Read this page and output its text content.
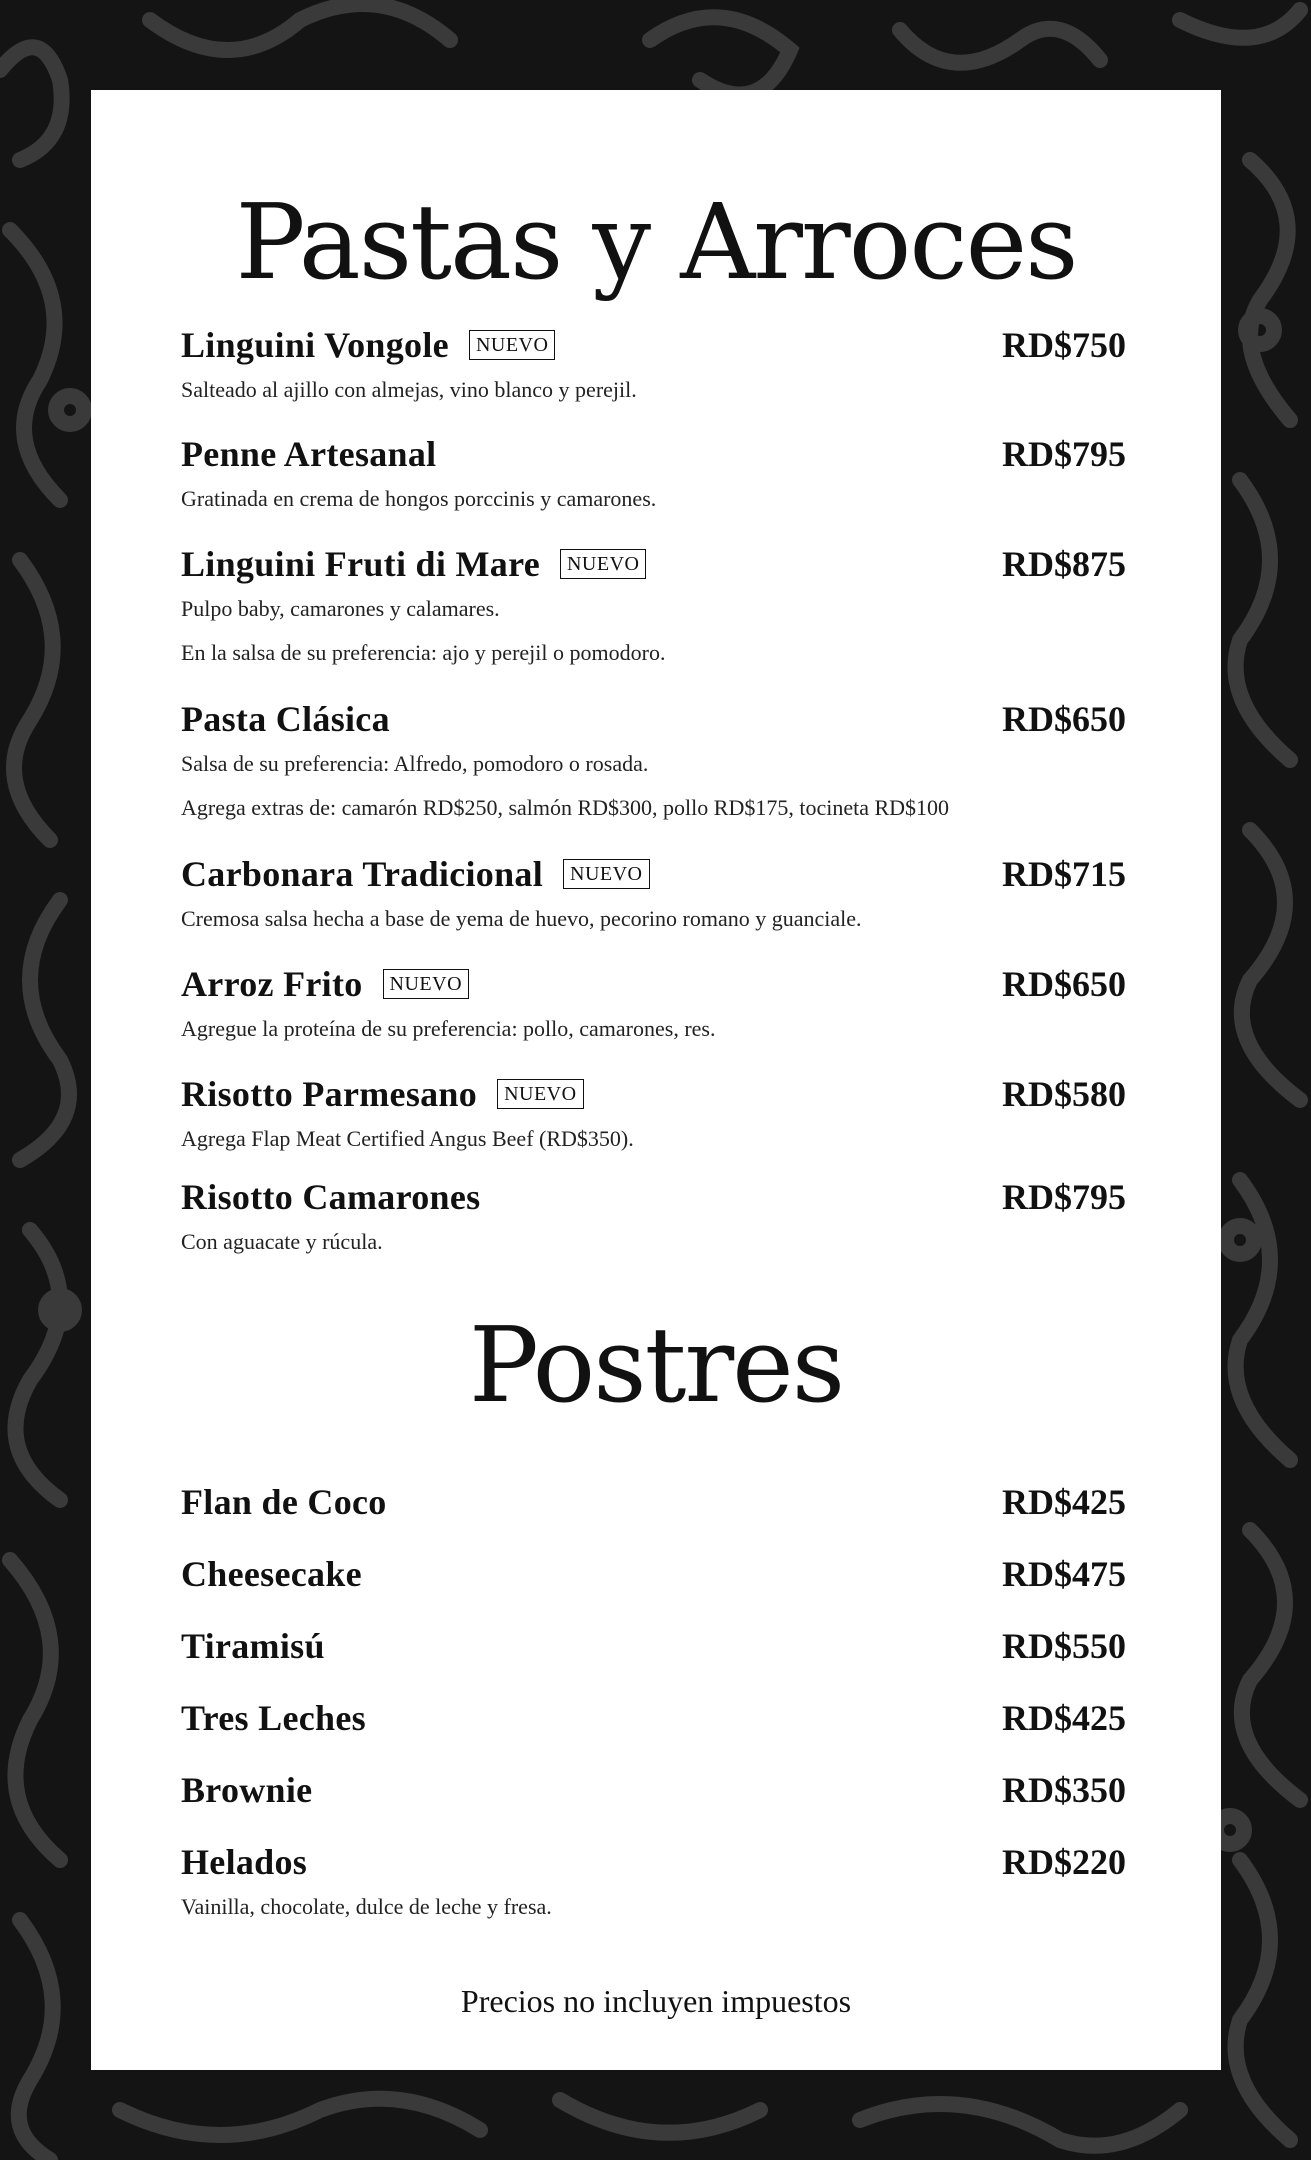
Pastas y Arroces
Linguini Vongole NUEVO	RD$750
Salteado al ajillo con almejas, vino blanco y perejil.
Penne Artesanal	RD$795
Gratinada en crema de hongos porccinis y camarones.
Linguini Fruti di Mare NUEVO	RD$875
Pulpo baby, camarones y calamares.
En la salsa de su preferencia: ajo y perejil o pomodoro.
Pasta Clásica	RD$650
Salsa de su preferencia: Alfredo, pomodoro o rosada.
Agrega extras de: camarón RD$250, salmón RD$300, pollo RD$175, tocineta RD$100
Carbonara Tradicional NUEVO	RD$715
Cremosa salsa hecha a base de yema de huevo, pecorino romano y guanciale.
Arroz Frito NUEVO	RD$650
Agregue la proteína de su preferencia: pollo, camarones, res.
Risotto Parmesano NUEVO	RD$580
Agrega Flap Meat Certified Angus Beef (RD$350).
Risotto Camarones	RD$795
Con aguacate y rúcula.
Postres
Flan de Coco	RD$425
Cheesecake	RD$475
Tiramisú	RD$550
Tres Leches	RD$425
Brownie	RD$350
Helados	RD$220
Vainilla, chocolate, dulce de leche y fresa.
Precios no incluyen impuestos
